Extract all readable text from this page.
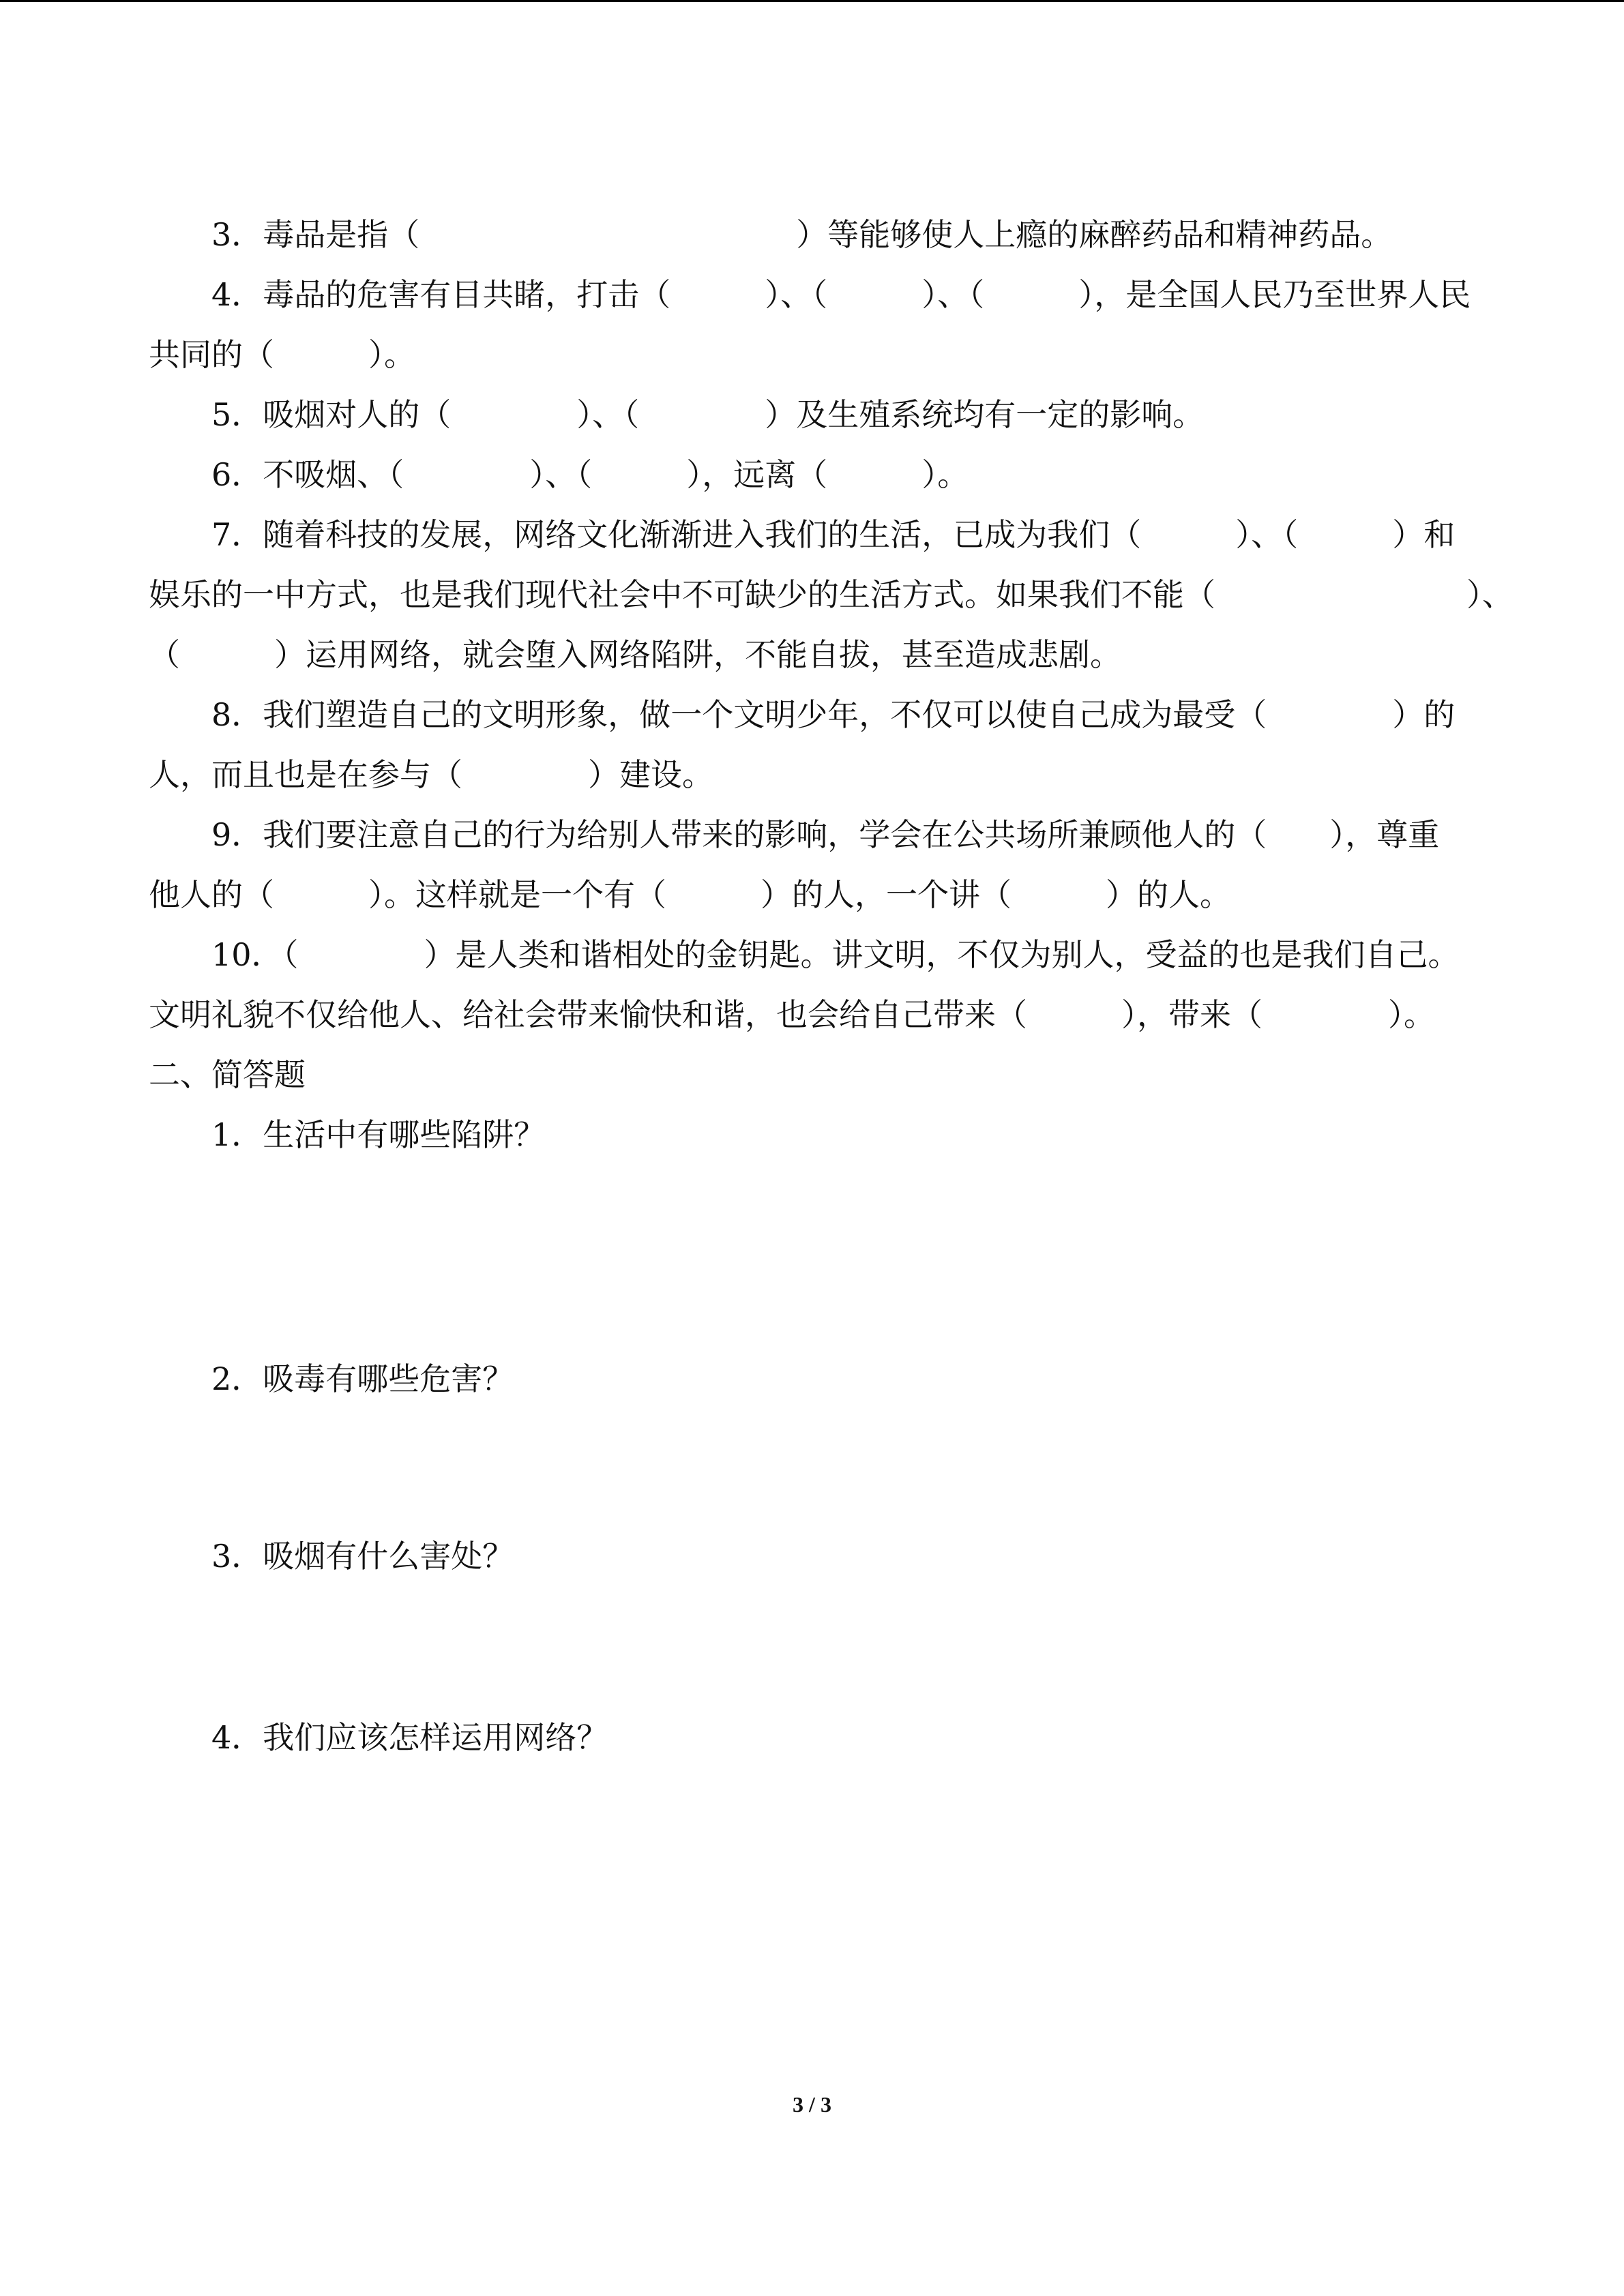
3．毒品是指（　　　　　　　　　　　　）等能够使人上瘾的麻醉药品和精神药品。
4．毒品的危害有目共睹，打击（　　　）、（　　　）、（　　　），是全国人民乃至世界人民
共同的（　　　）。
5．吸烟对人的（　　　　）、（　　　　）及生殖系统均有一定的影响。
6．不吸烟、（　　　　）、（　　　），远离（　　　）。
7．随着科技的发展，网络文化渐渐进入我们的生活，已成为我们（　　　）、（　　　）和
娱乐的一中方式，也是我们现代社会中不可缺少的生活方式。如果我们不能（　　　　　　　　）、
（　　　）运用网络，就会堕入网络陷阱，不能自拔，甚至造成悲剧。
8．我们塑造自己的文明形象，做一个文明少年，不仅可以使自己成为最受（　　　　）的
人，而且也是在参与（　　　　）建设。
9．我们要注意自己的行为给别人带来的影响，学会在公共场所兼顾他人的（　　），尊重
他人的（　　　）。这样就是一个有（　　　）的人，一个讲（　　　）的人。
10．（　　　　）是人类和谐相处的金钥匙。讲文明，不仅为别人，受益的也是我们自己。
文明礼貌不仅给他人、给社会带来愉快和谐，也会给自己带来（　　　），带来（　　　　）。
二、简答题
1．生活中有哪些陷阱？
2．吸毒有哪些危害？
3．吸烟有什么害处？
4．我们应该怎样运用网络？
3 / 3
